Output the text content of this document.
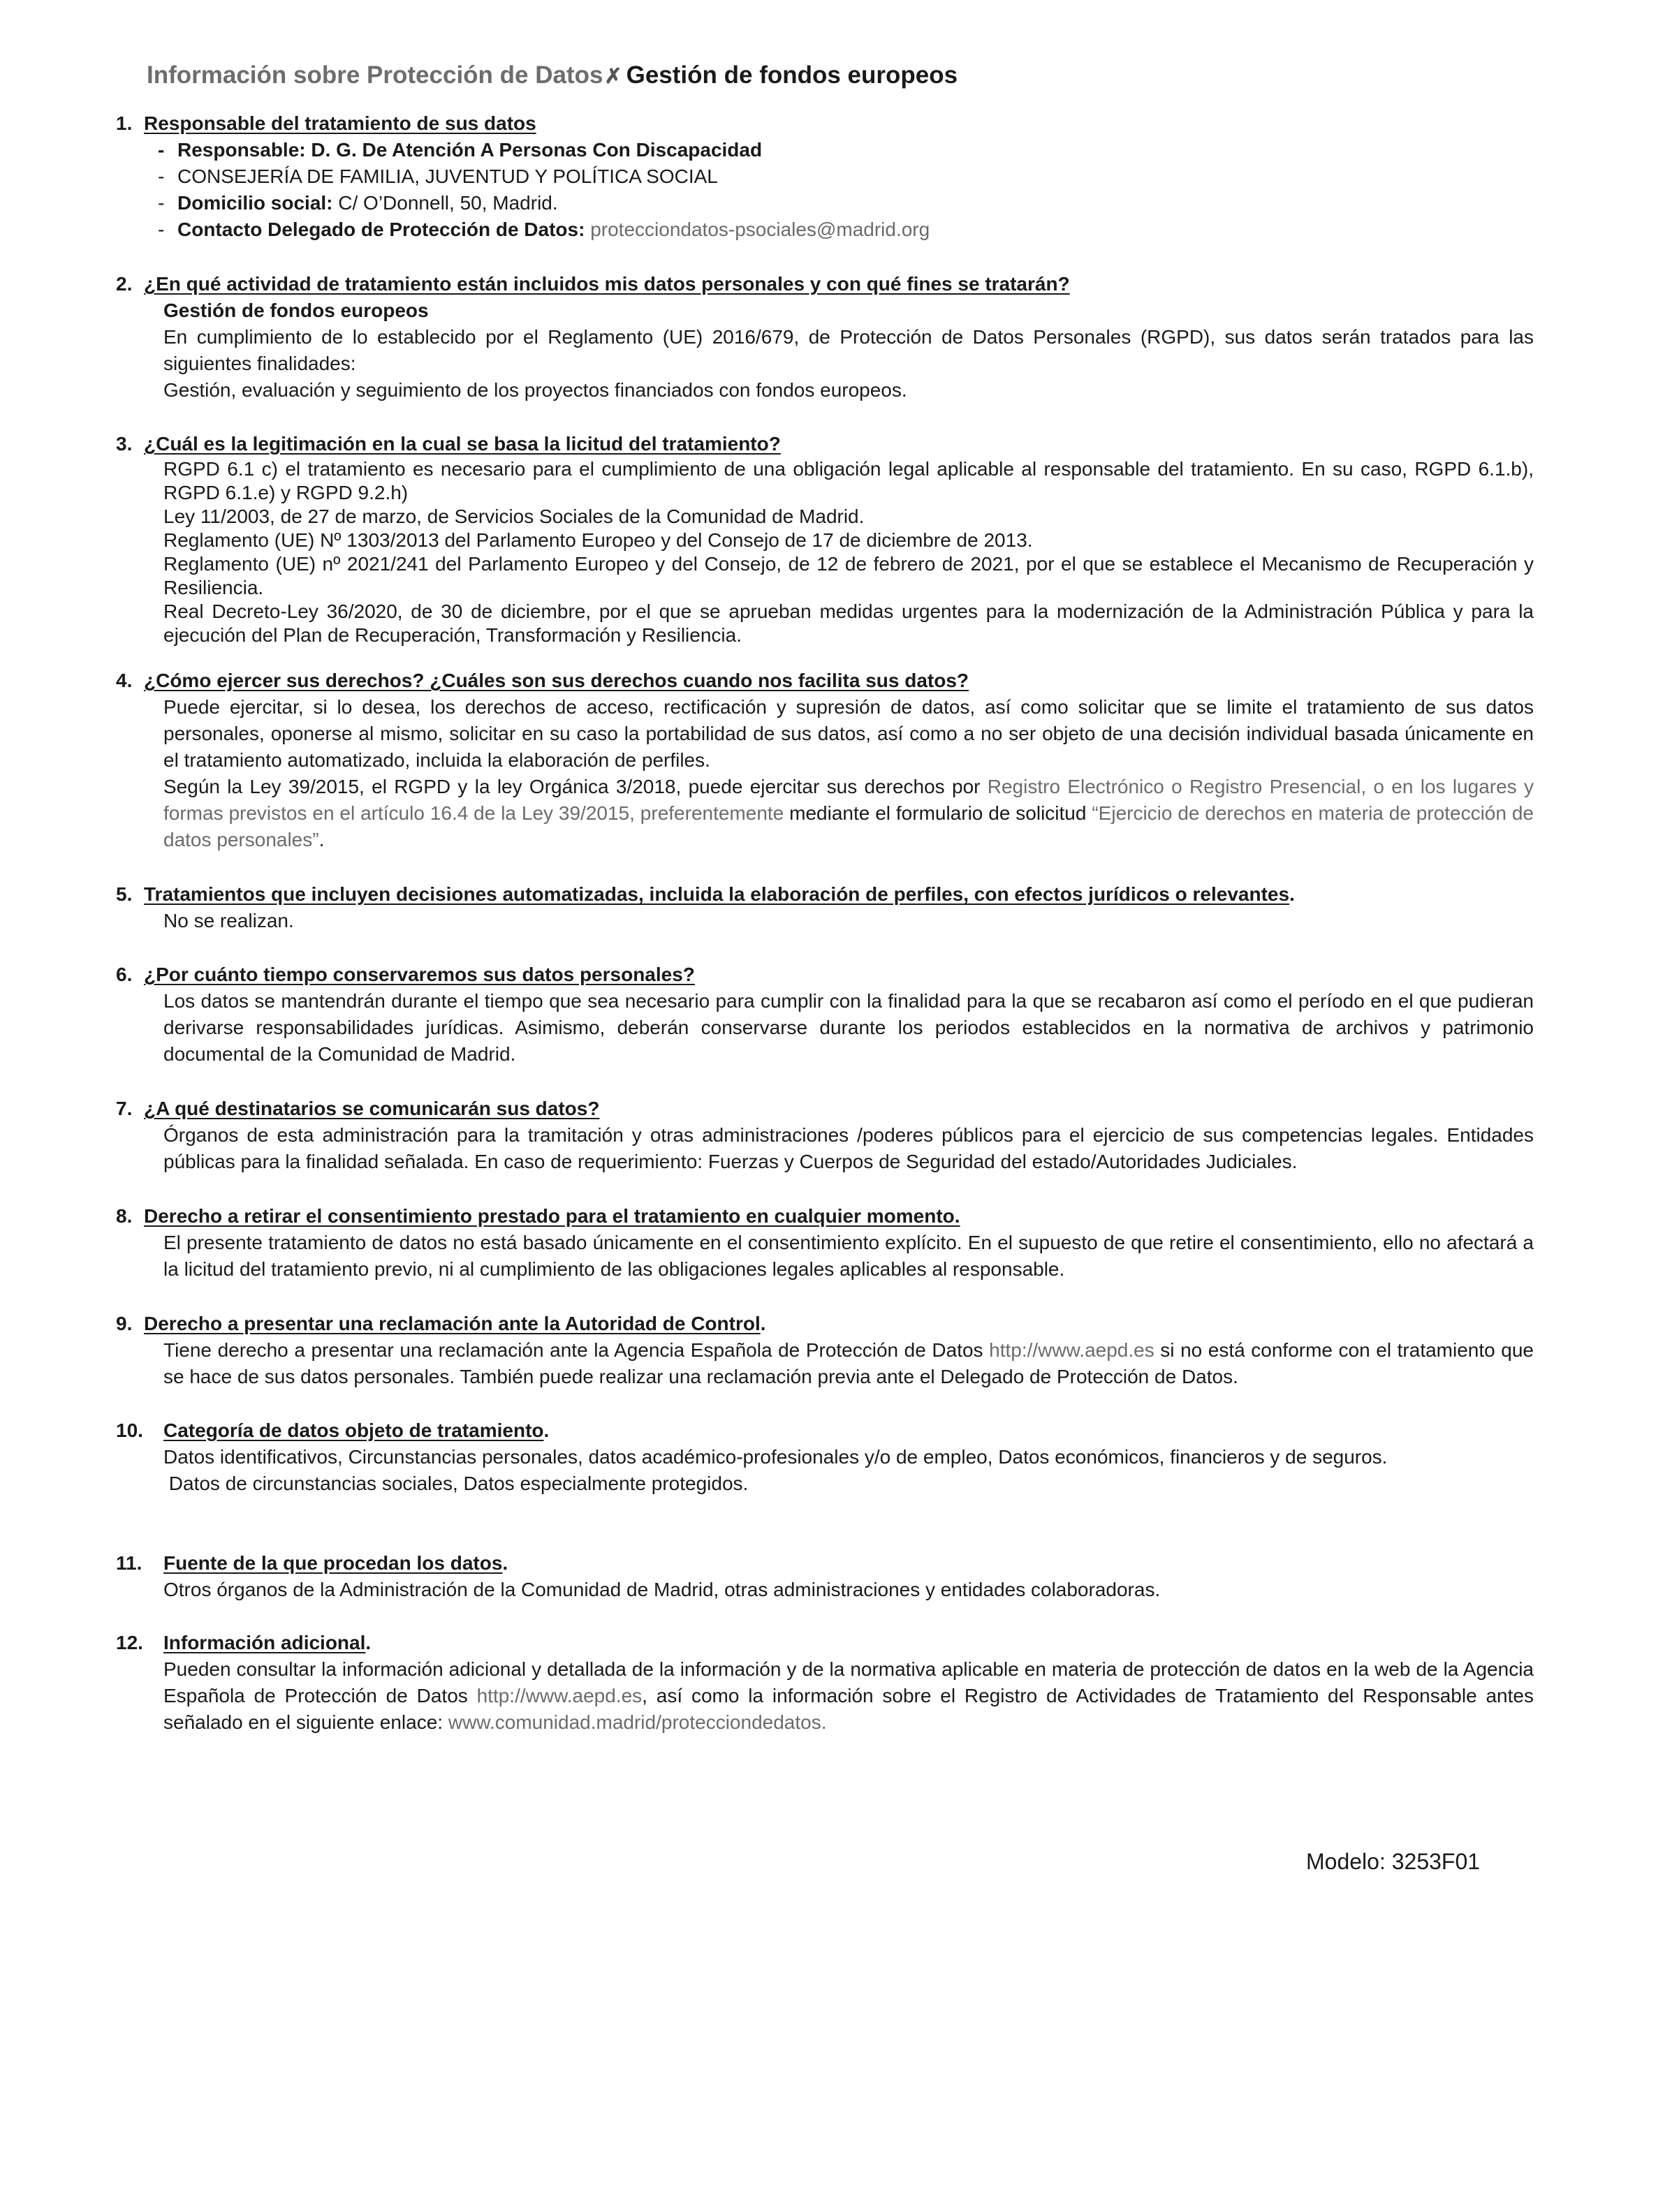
Información sobre Protección de Datos✗ Gestión de fondos europeos
1. Responsable del tratamiento de sus datos
- Responsable: D. G. De Atención A Personas Con Discapacidad
- CONSEJERÍA DE FAMILIA, JUVENTUD Y POLÍTICA SOCIAL
- Domicilio social: C/ O’Donnell, 50, Madrid.
- Contacto Delegado de Protección de Datos: protecciondatos-psociales@madrid.org
2. ¿En qué actividad de tratamiento están incluidos mis datos personales y con qué fines se tratarán?

Gestión de fondos europeos

En cumplimiento de lo establecido por el Reglamento (UE) 2016/679, de Protección de Datos Personales (RGPD), sus datos serán tratados para las siguientes finalidades:

Gestión, evaluación y seguimiento de los proyectos financiados con fondos europeos.

3. ¿Cuál es la legitimación en la cual se basa la licitud del tratamiento?

RGPD 6.1 c) el tratamiento es necesario para el cumplimiento de una obligación legal aplicable al responsable del tratamiento. En su caso, RGPD 6.1.b), RGPD 6.1.e) y RGPD 9.2.h)

Ley 11/2003, de 27 de marzo, de Servicios Sociales de la Comunidad de Madrid.

Reglamento (UE) Nº 1303/2013 del Parlamento Europeo y del Consejo de 17 de diciembre de 2013.

Reglamento (UE) nº 2021/241 del Parlamento Europeo y del Consejo, de 12 de febrero de 2021, por el que se establece el Mecanismo de Recuperación y Resiliencia.

Real Decreto-Ley 36/2020, de 30 de diciembre, por el que se aprueban medidas urgentes para la modernización de la Administración Pública y para la ejecución del Plan de Recuperación, Transformación y Resiliencia.

4. ¿Cómo ejercer sus derechos? ¿Cuáles son sus derechos cuando nos facilita sus datos?

Puede ejercitar, si lo desea, los derechos de acceso, rectificación y supresión de datos, así como solicitar que se limite el tratamiento de sus datos personales, oponerse al mismo, solicitar en su caso la portabilidad de sus datos, así como a no ser objeto de una decisión individual basada únicamente en el tratamiento automatizado, incluida la elaboración de perfiles.

Según la Ley 39/2015, el RGPD y la ley Orgánica 3/2018, puede ejercitar sus derechos por Registro Electrónico o Registro Presencial, o en los lugares y formas previstos en el artículo 16.4 de la Ley 39/2015, preferentemente mediante el formulario de solicitud “Ejercicio de derechos en materia de protección de datos personales”.

5. Tratamientos que incluyen decisiones automatizadas, incluida la elaboración de perfiles, con efectos jurídicos o relevantes.

No se realizan.

6. ¿Por cuánto tiempo conservaremos sus datos personales?

Los datos se mantendrán durante el tiempo que sea necesario para cumplir con la finalidad para la que se recabaron así como el período en el que pudieran derivarse responsabilidades jurídicas. Asimismo, deberán conservarse durante los periodos establecidos en la normativa de archivos y patrimonio documental de la Comunidad de Madrid.

7. ¿A qué destinatarios se comunicarán sus datos?

Órganos de esta administración para la tramitación y otras administraciones /poderes públicos para el ejercicio de sus competencias legales. Entidades públicas para la finalidad señalada. En caso de requerimiento: Fuerzas y Cuerpos de Seguridad del estado/Autoridades Judiciales.

8. Derecho a retirar el consentimiento prestado para el tratamiento en cualquier momento.

El presente tratamiento de datos no está basado únicamente en el consentimiento explícito. En el supuesto de que retire el consentimiento, ello no afectará a la licitud del tratamiento previo, ni al cumplimiento de las obligaciones legales aplicables al responsable.

9. Derecho a presentar una reclamación ante la Autoridad de Control.

Tiene derecho a presentar una reclamación ante la Agencia Española de Protección de Datos http://www.aepd.es si no está conforme con el tratamiento que se hace de sus datos personales. También puede realizar una reclamación previa ante el Delegado de Protección de Datos.

10. Categoría de datos objeto de tratamiento.

Datos identificativos, Circunstancias personales, datos académico-profesionales y/o de empleo, Datos económicos, financieros y de seguros.

Datos de circunstancias sociales, Datos especialmente protegidos.

11. Fuente de la que procedan los datos.

Otros órganos de la Administración de la Comunidad de Madrid, otras administraciones y entidades colaboradoras.

12. Información adicional.

Pueden consultar la información adicional y detallada de la información y de la normativa aplicable en materia de protección de datos en la web de la Agencia Española de Protección de Datos http://www.aepd.es, así como la información sobre el Registro de Actividades de Tratamiento del Responsable antes señalado en el siguiente enlace: www.comunidad.madrid/protecciondedatos.

Modelo: 3253F01
